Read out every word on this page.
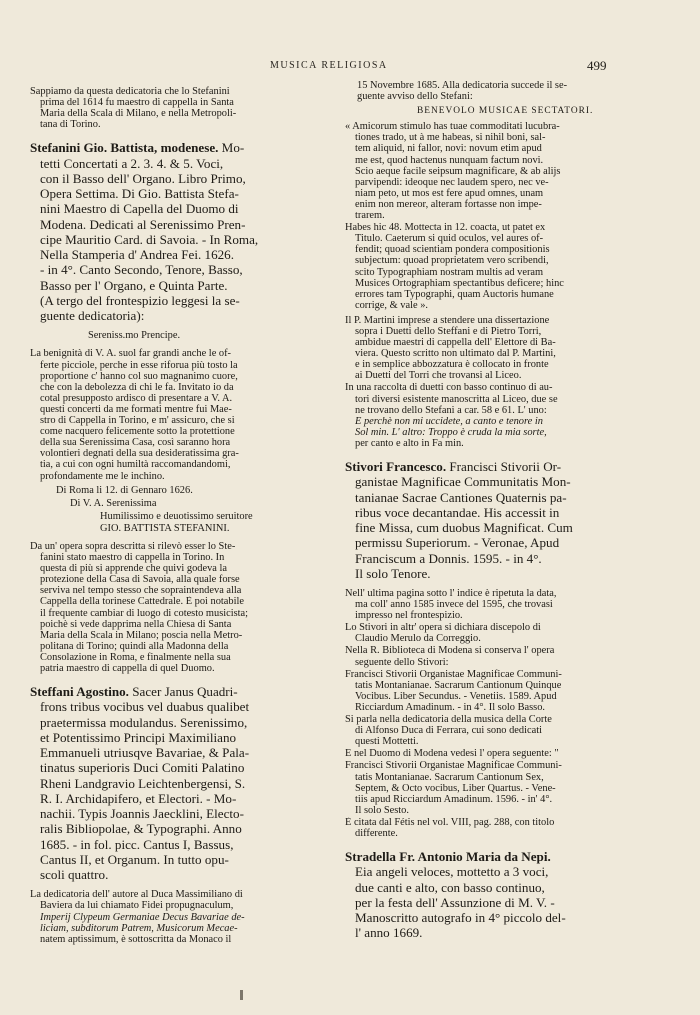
MUSICA RELIGIOSA	499
Sappiamo da questa dedicatoria che lo Stefanini
prima del 1614 fu maestro di cappella in Santa
Maria della Scala di Milano, e nella Metropoli-
tana di Torino.
Stefanini Gio. Battista, modenese. Mo-
tetti Concertati a 2. 3. 4. & 5. Voci,
con il Basso dell' Organo. Libro Primo,
Opera Settima. Di Gio. Battista Stefa-
nini Maestro di Capella del Duomo di
Modena. Dedicati al Serenissimo Pren-
cipe Mauritio Card. di Savoia. - In Roma,
Nella Stamperia d' Andrea Fei. 1626.
- in 4°. Canto Secondo, Tenore, Basso,
Basso per l' Organo, e Quinta Parte.
(A tergo del frontespizio leggesi la se-
guente dedicatoria):
Sereniss.mo Prencipe.
La benignità di V. A. suol far grandi anche le of-
ferte picciole, perche in esse riforua più tosto la
proportione c' hanno col suo magnanimo cuore,
che con la debolezza di chi le fa. Invitato io da
cotal presupposto ardisco di presentare a V. A.
questi concerti da me formati mentre fui Mae-
stro di Cappella in Torino, e m' assicuro, che si
come nacquero felicemente sotto la protettione
della sua Serenissima Casa, così saranno hora
volontieri degnati della sua desideratissima gra-
tia, a cui con ogni humiltà raccomandandomi,
profondamente me le inchino.
Di Roma li 12. di Gennaro 1626.
Di V. A. Serenissima
Humilissimo e deuotissimo seruitore
GIO. BATTISTA STEFANINI.
Da un' opera sopra descritta si rilevò esser lo Ste-
fanini stato maestro di cappella in Torino. In
questa di più si apprende che quivi godeva la
protezione della Casa di Savoia, alla quale forse
serviva nel tempo stesso che sopraintendeva alla
Cappella della torinese Cattedrale. È poi notabile
il frequente cambiar di luogo di cotesto musicista;
poichè si vede dapprima nella Chiesa di Santa
Maria della Scala in Milano; poscia nella Metro-
politana di Torino; quindi alla Madonna della
Consolazione in Roma, e finalmente nella sua
patria maestro di cappella di quel Duomo.
Steffani Agostino. Sacer Janus Quadri-
frons tribus vocibus vel duabus qualibet
praetermissa modulandus. Serenissimo,
et Potentissimo Principi Maximiliano
Emmanueli utriusqve Bavariae, & Pala-
tinatus superioris Duci Comiti Palatino
Rheni Landgravio Leichtenbergensi, S.
R. I. Archidapifero, et Electori. - Mo-
nachii. Typis Joannis Jaecklini, Electo-
ralis Bibliopolae, & Typographi. Anno
1685. - in fol. picc. Cantus I, Bassus,
Cantus II, et Organum. In tutto opu-
scoli quattro.
La dedicatoria dell' autore al Duca Massimiliano di
Baviera da lui chiamato Fidei propugnaculum,
Imperij Clypeum Germaniae Decus Bavariae de-
liciam, subditorum Patrem, Musicorum Mecae-
natem aptissimum, è sottoscritta da Monaco il
15 Novembre 1685. Alla dedicatoria succede il se-
guente avviso dello Stefani:
BENEVOLO MUSICAE SECTATORI.
« Amicorum stimulo has tuae commoditati lucubra-
tiones trado, ut à me habeas, si nihil boni, sal-
tem aliquid, ni fallor, novi: novum etim apud
me est, quod hactenus nunquam factum novi.
Scio aeque facile seipsum magnificare, & ab alijs
parvipendi: ideoque nec laudem spero, nec ve-
niam peto, ut mos est fere apud omnes, unam
enim non mereor, alteram fortasse non impe-
trarem.
Habes hic 48. Mottecta in 12. coacta, ut patet ex
Titulo. Caeterum si quid oculos, vel aures of-
fendit; quoad scientiam pondera compositionis
subjectum: quoad proprietatem vero scribendi,
scito Typographiam nostram multis ad veram
Musices Ortographiam spectantibus deficere; hinc
errores tam Typographi, quam Auctoris humane
corrige, & vale ».
Il P. Martini imprese a stendere una dissertazione
sopra i Duetti dello Steffani e di Pietro Torri,
ambidue maestri di cappella dell' Elettore di Ba-
viera. Questo scritto non ultimato dal P. Martini,
e in semplice abbozzatura è collocato in fronte
ai Duetti del Torri che trovansi al Liceo.
In una raccolta di duetti con basso continuo di au-
tori diversi esistente manoscritta al Liceo, due se
ne trovano dello Stefani a car. 58 e 61. L' uno:
E perchè non mi uccidete, a canto e tenore in
Sol min. L' altro: Troppo è cruda la mia sorte,
per canto e alto in Fa min.
Stivori Francesco. Francisci Stivorii Or-
ganistae Magnificae Communitatis Mon-
tanianae Sacrae Cantiones Quaternis pa-
ribus voce decantandae. His accessit in
fine Missa, cum duobus Magnificat. Cum
permissu Superiorum. - Veronae, Apud
Franciscum a Donnis. 1595. - in 4°.
Il solo Tenore.
Nell' ultima pagina sotto l' indice è ripetuta la data,
ma coll' anno 1585 invece del 1595, che trovasi
impresso nel frontespizio.
Lo Stivori in altr' opera si dichiara discepolo di
Claudio Merulo da Correggio.
Nella R. Biblioteca di Modena si conserva l' opera
seguente dello Stivori:
Francisci Stivorii Organistae Magnificae Communi-
tatis Montanianae. Sacrarum Cantionum Quinque
Vocibus. Liber Secundus. - Venetiis. 1589. Apud
Ricciardum Amadinum. - in 4°. Il solo Basso.
Si parla nella dedicatoria della musica della Corte
di Alfonso Duca di Ferrara, cui sono dedicati
questi Mottetti.
E nel Duomo di Modena vedesi l' opera seguente: "
Francisci Stivorii Organistae Magnificae Communi-
tatis Montanianae. Sacrarum Cantionum Sex,
Septem, & Octo vocibus, Liber Quartus. - Vene-
tiis apud Ricciardum Amadinum. 1596. - in' 4°.
Il solo Sesto.
È citata dal Fétis nel vol. VIII, pag. 288, con titolo
differente.
Stradella Fr. Antonio Maria da Nepi.
Eia angeli veloces, mottetto a 3 voci,
due canti e alto, con basso continuo,
per la festa dell' Assunzione di M. V. -
Manoscritto autografo in 4° piccolo del-
l' anno 1669.
